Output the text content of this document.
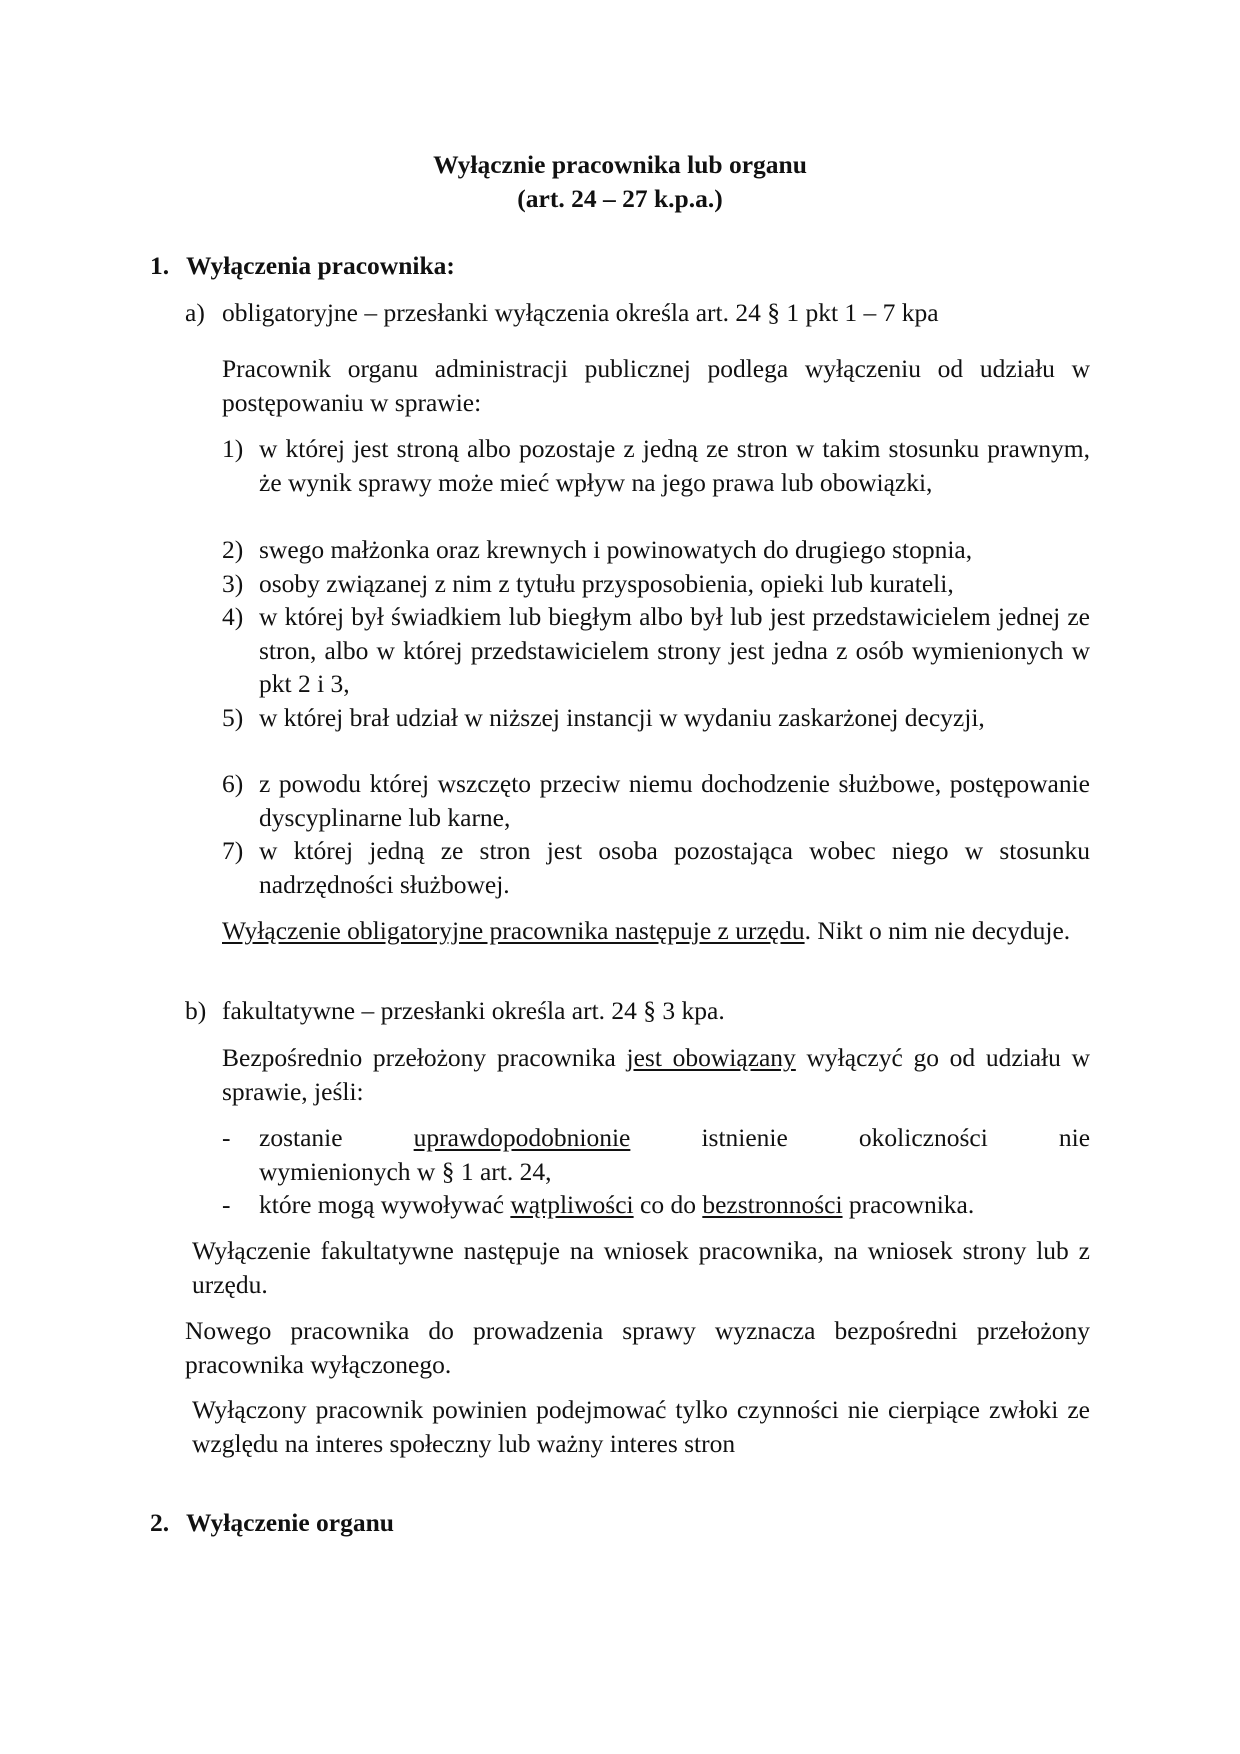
Wyłącznie pracownika lub organu
(art. 24 – 27 k.p.a.)
1. Wyłączenia pracownika:
a) obligatoryjne – przesłanki wyłączenia określa art. 24 § 1 pkt 1 – 7 kpa
Pracownik organu administracji publicznej podlega wyłączeniu od udziału w postępowaniu w sprawie:
1) w której jest stroną albo pozostaje z jedną ze stron w takim stosunku prawnym, że wynik sprawy może mieć wpływ na jego prawa lub obowiązki,
2) swego małżonka oraz krewnych i powinowatych do drugiego stopnia,
3) osoby związanej z nim z tytułu przysposobienia, opieki lub kurateli,
4) w której był świadkiem lub biegłym albo był lub jest przedstawicielem jednej ze stron, albo w której przedstawicielem strony jest jedna z osób wymienionych w pkt 2 i 3,
5) w której brał udział w niższej instancji w wydaniu zaskarżonej decyzji,
6) z powodu której wszczęto przeciw niemu dochodzenie służbowe, postępowanie dyscyplinarne lub karne,
7) w której jedną ze stron jest osoba pozostająca wobec niego w stosunku nadrzędności służbowej.
Wyłączenie obligatoryjne pracownika następuje z urzędu. Nikt o nim nie decyduje.
b) fakultatywne – przesłanki określa art. 24 § 3 kpa.
Bezpośrednio przełożony pracownika jest obowiązany wyłączyć go od udziału w sprawie, jeśli:
- zostanie	uprawdopodobnionie	istnienie	okoliczności	nie
wymienionych w § 1 art. 24,
- które mogą wywoływać wątpliwości co do bezstronności pracownika.
Wyłączenie fakultatywne następuje na wniosek pracownika, na wniosek strony lub z urzędu.
Nowego pracownika do prowadzenia sprawy wyznacza bezpośredni przełożony pracownika wyłączonego.
Wyłączony pracownik powinien podejmować tylko czynności nie cierpiące zwłoki ze względu na interes społeczny lub ważny interes stron
2. Wyłączenie organu
